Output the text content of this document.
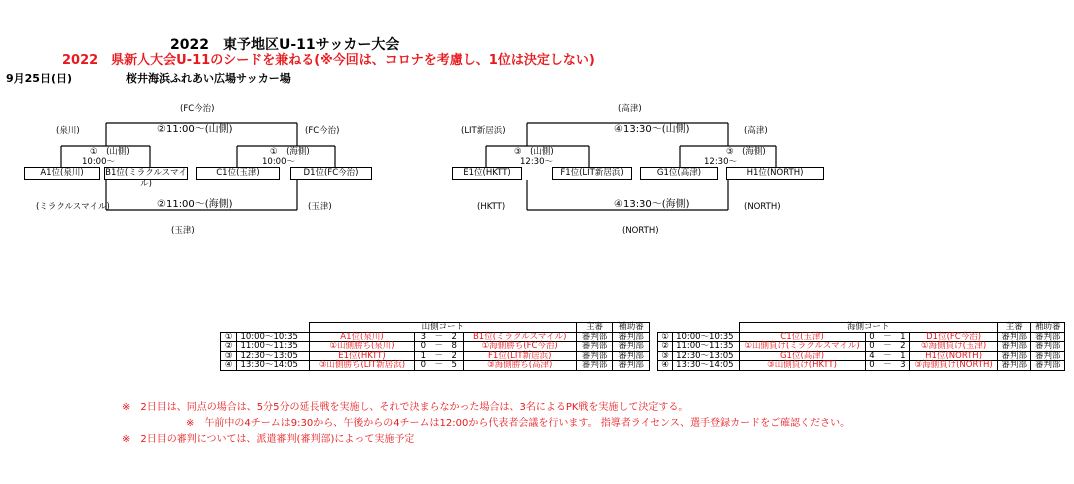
2022　東予地区U-11サッカー大会
2022　県新人大会U-11のシードを兼ねる(※今回は、コロナを考慮し、1位は決定しない)
9月25日(日)	桜井海浜ふれあい広場サッカー場
(FC今治)
(泉川)	②11:00～(山側)	(FC今治)
①　(山側)
10:00～
①　(海側)
10:00～
A1位(泉川)	B1位(ミラクルスマイル)
C1位(玉津)	D1位(FC今治)
(ミラクルスマイル)	②11:00～(海側)	(玉津)
(玉津)
(高津)
(LIT新居浜)	④13:30～(山側)	(高津)
③　(山側)
12:30～
③　(海側)
12:30～
E1位(HKTT)	F1位(LIT新居浜)	G1位(高津)	H1位(NORTH)
(HKTT)	④13:30～(海側)	(NORTH)
(NORTH)
		山側コート			主審	補助審
①	10:00～10:35	A1位(泉川)	3　－　2	B1位(ミラクルスマイル)	審判部	審判部
②	11:00～11:35	①山側勝ち(泉川)	0　－　8	①海側勝ち(FC今治)	審判部	審判部
③	12:30～13:05	E1位(HKTT)	1　－　2	F1位(LIT新居浜)	審判部	審判部
④	13:30～14:05	③山側勝ち(LIT新居浜)	0　－　5	③海側勝ち(高津)	審判部	審判部
		海側コート			主審	補助審
①	10:00～10:35	C1位(玉津)	0　－　1	D1位(FC今治)	審判部	審判部
②	11:00～11:35	①山側負け(ミラクルスマイル)	0　－　2	①海側負け(玉津)	審判部	審判部
③	12:30～13:05	G1位(高津)	4　－　1	H1位(NORTH)	審判部	審判部
④	13:30～14:05	③山側負け(HKTT)	0　－　3	③海側負け(NORTH)	審判部	審判部
※　2日目は、同点の場合は、5分5分の延長戦を実施し、それで決まらなかった場合は、3名によるPK戦を実施して決定する。
※　午前中の4チームは9:30から、午後からの4チームは12:00から代表者会議を行います。 指導者ライセンス、選手登録カードをご確認ください。
※　2日目の審判については、派遣審判(審判部)によって実施予定
